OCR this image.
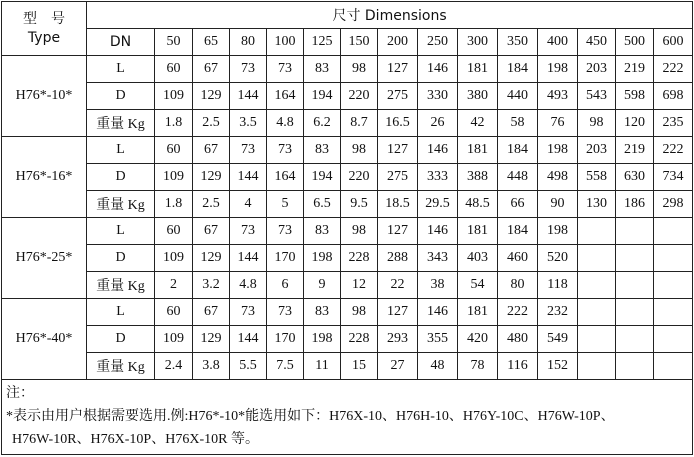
型　号
Type	尺寸 Dimensions														
	DN	50	65	80	100	125	150	200	250	300	350	400	450	500	600
H76*-10*	L	60	67	73	73	83	98	127	146	181	184	198	203	219	222
	D	109	129	144	164	194	220	275	330	380	440	493	543	598	698
	重量 Kg	1.8	2.5	3.5	4.8	6.2	8.7	16.5	26	42	58	76	98	120	235
H76*-16*	L	60	67	73	73	83	98	127	146	181	184	198	203	219	222
	D	109	129	144	164	194	220	275	333	388	448	498	558	630	734
	重量 Kg	1.8	2.5	4	5	6.5	9.5	18.5	29.5	48.5	66	90	130	186	298
H76*-25*	L	60	67	73	73	83	98	127	146	181	184	198			
	D	109	129	144	170	198	228	288	343	403	460	520			
	重量 Kg	2	3.2	4.8	6	9	12	22	38	54	80	118			
H76*-40*	L	60	67	73	73	83	98	127	146	181	222	232			
	D	109	129	144	170	198	228	293	355	420	480	549			
	重量 Kg	2.4	3.8	5.5	7.5	11	15	27	48	78	116	152			

注：
*表示由用户根据需要选用.例:H76*-10*能选用如下：H76X-10、H76H-10、H76Y-10C、H76W-10P、
H76W-10R、H76X-10P、H76X-10R 等。															
